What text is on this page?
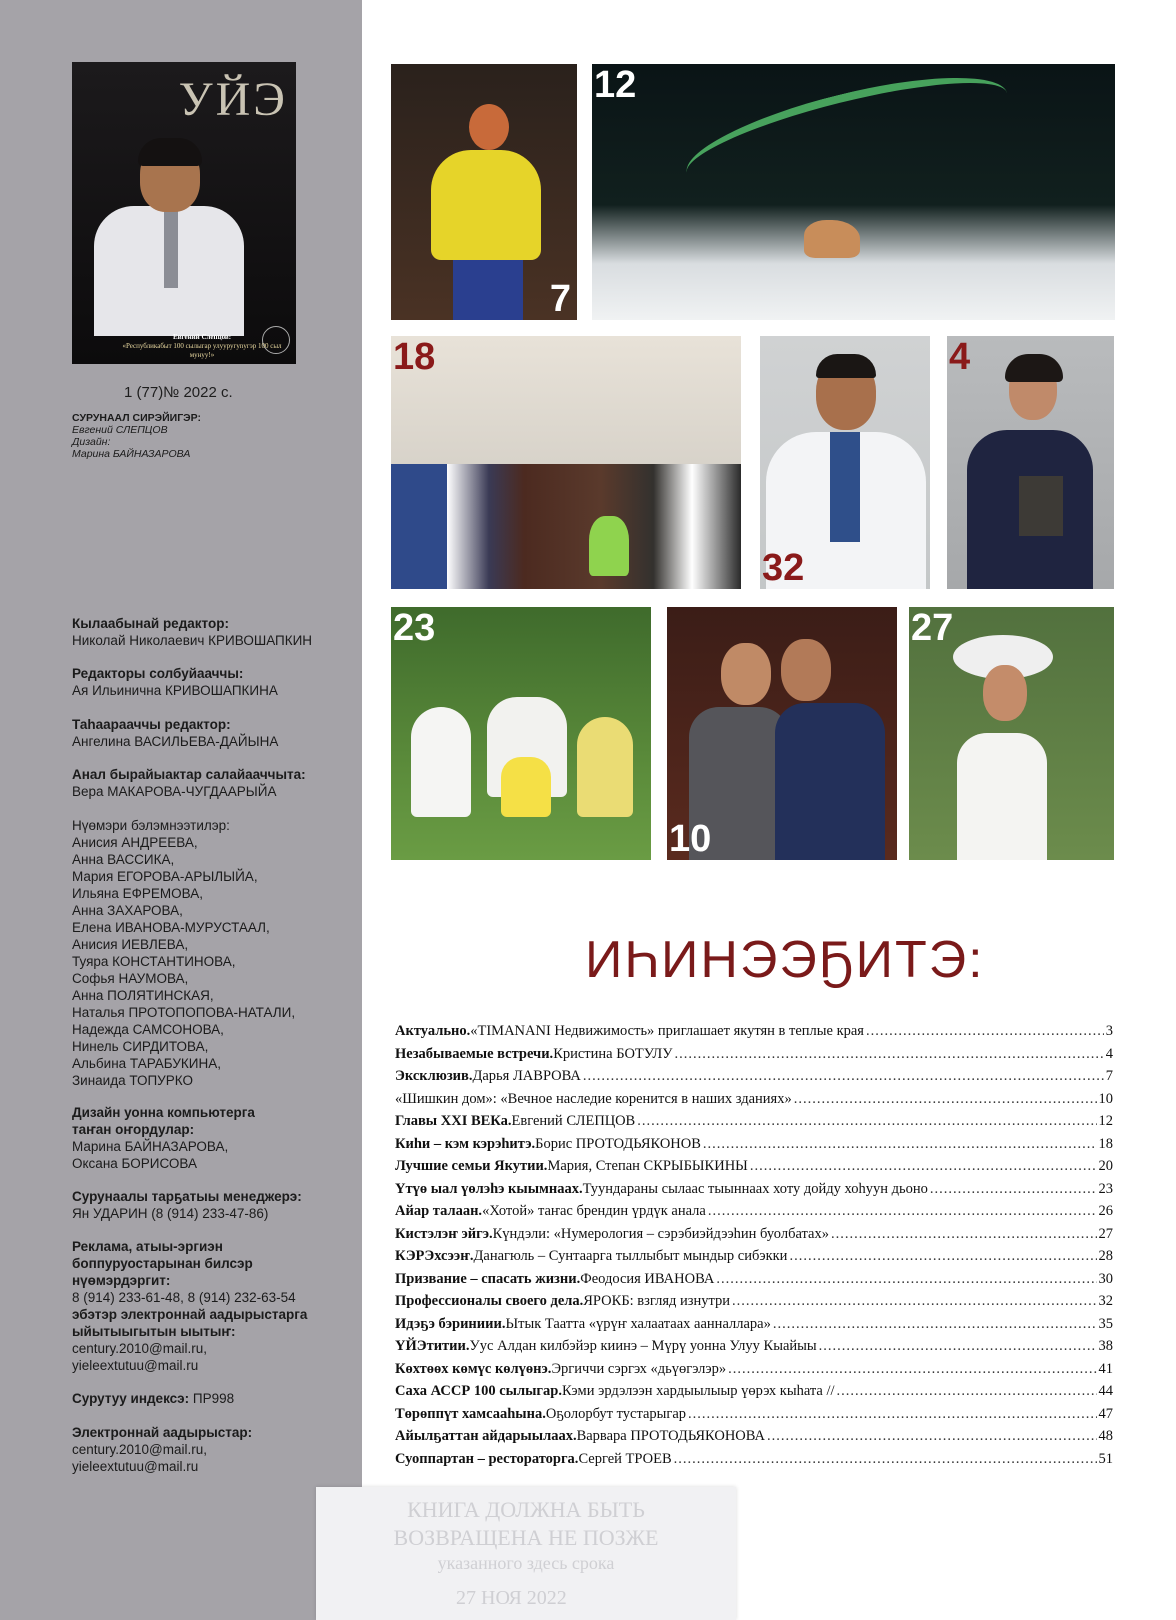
УЙЭ
Евгений Слепцов:
«Республикабыт 100 сылыгар улууругуnугэр 100 сыл мунуу!»
1 (77)№ 2022 с.
СУРУНААЛ СИРЭЙИГЭР:
Евгений СЛЕПЦОВ
Дизайн:
Марина БАЙНАЗАРОВА
Кылаабынай редактор:
Николай Николаевич КРИВОШАПКИН
Редакторы солбуйааччы:
Ая Ильинична КРИВОШАПКИНА
Таhаарааччы редактор:
Ангелина ВАСИЛЬЕВА-ДАЙЫНА
Анал бырайыактар салайааччыта:
Вера МАКАРОВА-ЧУГДААРЫЙА
Нүөмэри бэлэмнээтилэр:
Анисия АНДРЕЕВА,
Анна ВАССИКА,
Мария ЕГОРОВА-АРЫЛЫЙА,
Ильяна ЕФРЕМОВА,
Анна ЗАХАРОВА,
Елена ИВАНОВА-МУРУСТААЛ,
Анисия ИЕВЛЕВА,
Туяра КОНСТАНТИНОВА,
Софья НАУМОВА,
Анна ПОЛЯТИНСКАЯ,
Наталья ПРОТОПОПОВА-НАТАЛИ,
Надежда САМСОНОВА,
Нинель СИРДИТОВА,
Альбина ТАРАБУКИНА,
Зинаида ТОПУРКО
Дизайн уонна компьютерга таҥан оҥордулар:
Марина БАЙНАЗАРОВА,
Оксана БОРИСОВА
Сурунаалы тарҕатыы менеджерэ:
Ян УДАРИН (8 (914) 233-47-86)
Реклама, атыы-эргиэн боппуруостарынан билсэр нүөмэрдэргит:
8 (914) 233-61-48, 8 (914) 232-63-54
эбэтэр электроннай аадырыстарга ыйытыыгытын ыытыҥ:
century.2010@mail.ru,
yieleextutuu@mail.ru
Сурутуу индексэ: ПР998
Электроннай аадырыстар:
century.2010@mail.ru,
yieleextutuu@mail.ru
7
12
18
32
4
23
10
27
ИҺИНЭЭҔИТЭ:
Актуально. «TIMANANI Недвижимость» приглашает якутян в теплые края .....	3
Незабываемые встречи. Кристина БОТУЛУ .....	4
Эксклюзив. Дарья ЛАВРОВА .....	7
«Шишкин дом»: «Вечное наследие коренится в наших зданиях» .....	10
Главы XXI ВЕКа. Евгений СЛЕПЦОВ .....	12
Киһи – кэм кэрэһитэ. Борис ПРОТОДЬЯКОНОВ .....	18
Лучшие семьи Якутии. Мария, Степан СКРЫБЫКИНЫ .....	20
Үтүө ыал үөлэһэ кыымнаах. Туундараны сылаас тыыннаах хоту дойду хоһуун дьоно .....	23
Айар талаан. «Хотой» таҥас брендин үрдүк анала .....	26
Кистэлэҥ эйгэ. Күндэли: «Нумерология – сэрэбиэйдээһин буолбатах» .....	27
КЭРЭхсээҥ. Данагюль – Сунтаарга тыллыбыт мындыр сибэкки .....	28
Призвание – спасать жизни. Феодосия ИВАНОВА .....	30
Профессионалы своего дела. ЯРОКБ: взгляд изнутри .....	32
Идэҕэ бэриниии. Ытык Таатта «үрүҥ халаатаах аанналлара» .....	35
ҮЙЭтитии. Уус Алдан килбэйэр киинэ – Мүрү уонна Улуу Кыайыы .....	38
Көхтөөх көмүс көлүөнэ. Эргиччи сэргэх «дьүөгэлэр» .....	41
Саха АССР 100 сылыгар. Кэми эрдэлээн хардыылыыр үөрэх кыһата // .....	44
Төрөппүт хамсааһына. Оҕолорбут тустарыгар .....	47
Айылҕаттан айдарыылаах. Варвара ПРОТОДЬЯКОНОВА .....	48
Суоппартан – рестораторга. Сергей ТРОЕВ .....	51
КНИГА ДОЛЖНА БЫТЬ
ВОЗВРАЩЕНА НЕ ПОЗЖЕ
указанного здесь срока
27 НОЯ 2022
